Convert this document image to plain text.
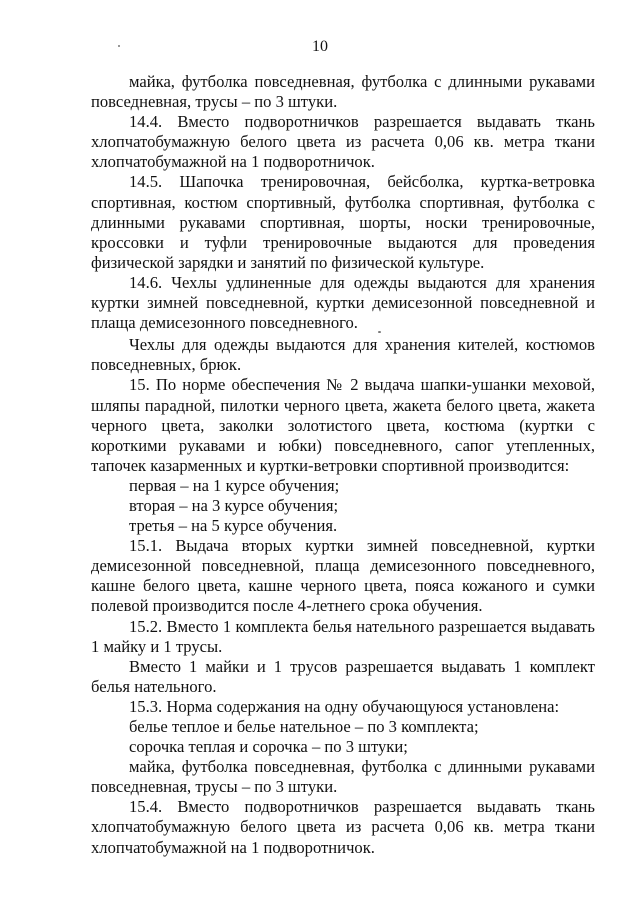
10

майка, футболка повседневная, футболка с длинными рукавами повседневная, трусы – по 3 штуки.

14.4. Вместо подворотничков разрешается выдавать ткань хлопчатобумажную белого цвета из расчета 0,06 кв. метра ткани хлопчатобумажной на 1 подворотничок.

14.5. Шапочка тренировочная, бейсболка, куртка-ветровка спортивная, костюм спортивный, футболка спортивная, футболка с длинными рукавами спортивная, шорты, носки тренировочные, кроссовки и туфли тренировочные выдаются для проведения физической зарядки и занятий по физической культуре.

14.6. Чехлы удлиненные для одежды выдаются для хранения куртки зимней повседневной, куртки демисезонной повседневной и плаща демисезонного повседневного.

Чехлы для одежды выдаются для хранения кителей, костюмов повседневных, брюк.

15. По норме обеспечения № 2 выдача шапки-ушанки меховой, шляпы парадной, пилотки черного цвета, жакета белого цвета, жакета черного цвета, заколки золотистого цвета, костюма (куртки с короткими рукавами и юбки) повседневного, сапог утепленных, тапочек казарменных и куртки-ветровки спортивной производится:

первая – на 1 курсе обучения;

вторая – на 3 курсе обучения;

третья – на 5 курсе обучения.

15.1. Выдача вторых куртки зимней повседневной, куртки демисезонной повседневной, плаща демисезонного повседневного, кашне белого цвета, кашне черного цвета, пояса кожаного и сумки полевой производится после 4-летнего срока обучения.

15.2. Вместо 1 комплекта белья нательного разрешается выдавать 1 майку и 1 трусы.

Вместо 1 майки и 1 трусов разрешается выдавать 1 комплект белья нательного.

15.3. Норма содержания на одну обучающуюся установлена:

белье теплое и белье нательное – по 3 комплекта;

сорочка теплая и сорочка – по 3 штуки;

майка, футболка повседневная, футболка с длинными рукавами повседневная, трусы – по 3 штуки.

15.4. Вместо подворотничков разрешается выдавать ткань хлопчатобумажную белого цвета из расчета 0,06 кв. метра ткани хлопчатобумажной на 1 подворотничок.
